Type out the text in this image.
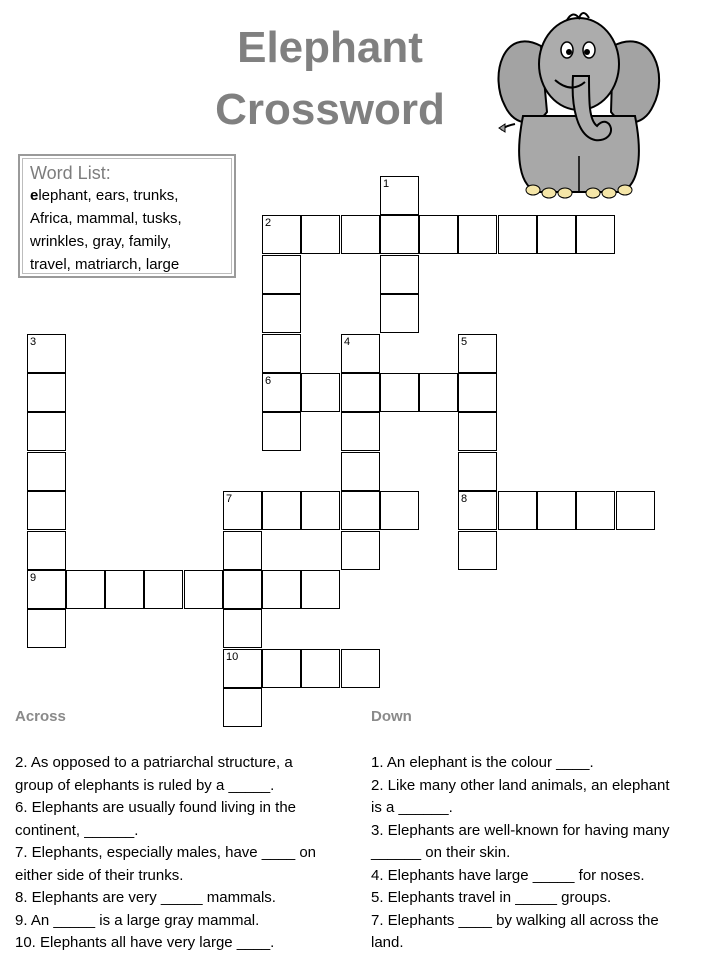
Elephant
Crossword
Word List:
elephant, ears, trunks,
Africa, mammal, tusks,
wrinkles, gray, family,
travel, matriarch, large
1
2
3	4	5
6
7	8
9
10
Across	Down
2. As opposed to a patriarchal structure, a
group of elephants is ruled by a _____.
6. Elephants are usually found living in the
continent, ______.
7. Elephants, especially males, have ____ on
either side of their trunks.
8. Elephants are very _____ mammals.
9. An _____ is a large gray mammal.
10. Elephants all have very large ____.
1. An elephant is the colour ____.
2. Like many other land animals, an elephant
is a ______.
3. Elephants are well-known for having many
______ on their skin.
4. Elephants have large _____ for noses.
5. Elephants travel in _____ groups.
7. Elephants ____ by walking all across the
land.
